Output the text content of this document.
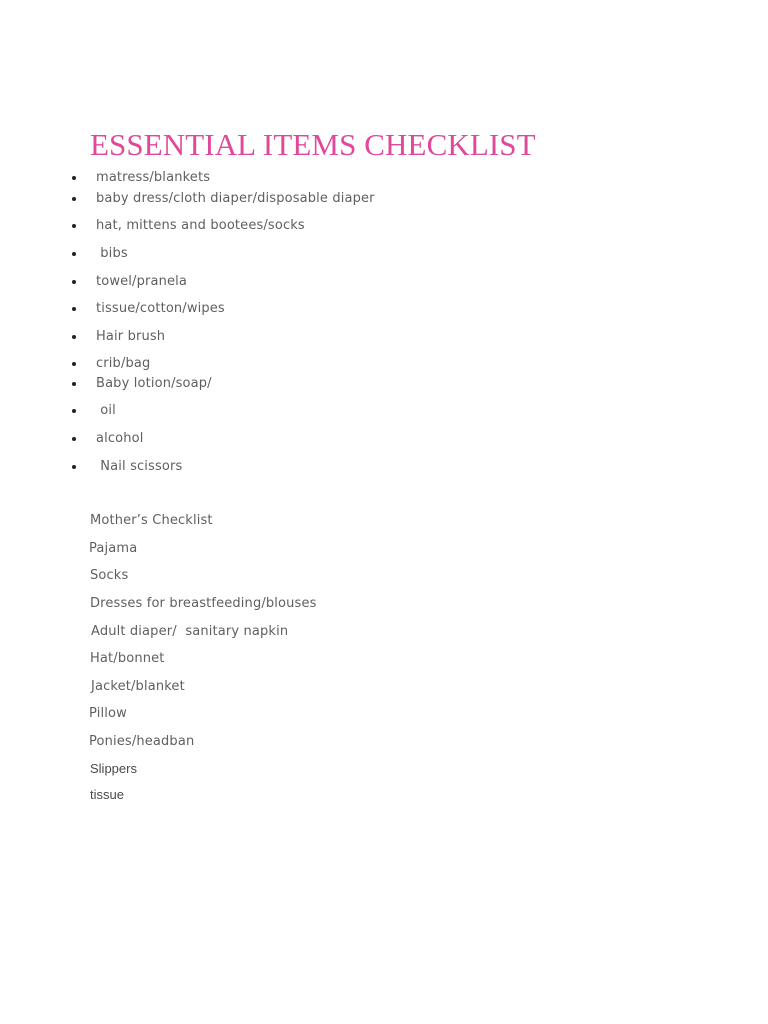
ESSENTIAL ITEMS CHECKLIST
matress/blankets
baby dress/cloth diaper/disposable diaper
hat, mittens and bootees/socks
bibs
towel/pranela
tissue/cotton/wipes
Hair brush
crib/bag
Baby lotion/soap/
oil
alcohol
Nail scissors
Mother’s Checklist
Pajama
Socks
Dresses for breastfeeding/blouses
Adult diaper/  sanitary napkin
Hat/bonnet
Jacket/blanket
Pillow
Ponies/headban
Slippers
tissue
